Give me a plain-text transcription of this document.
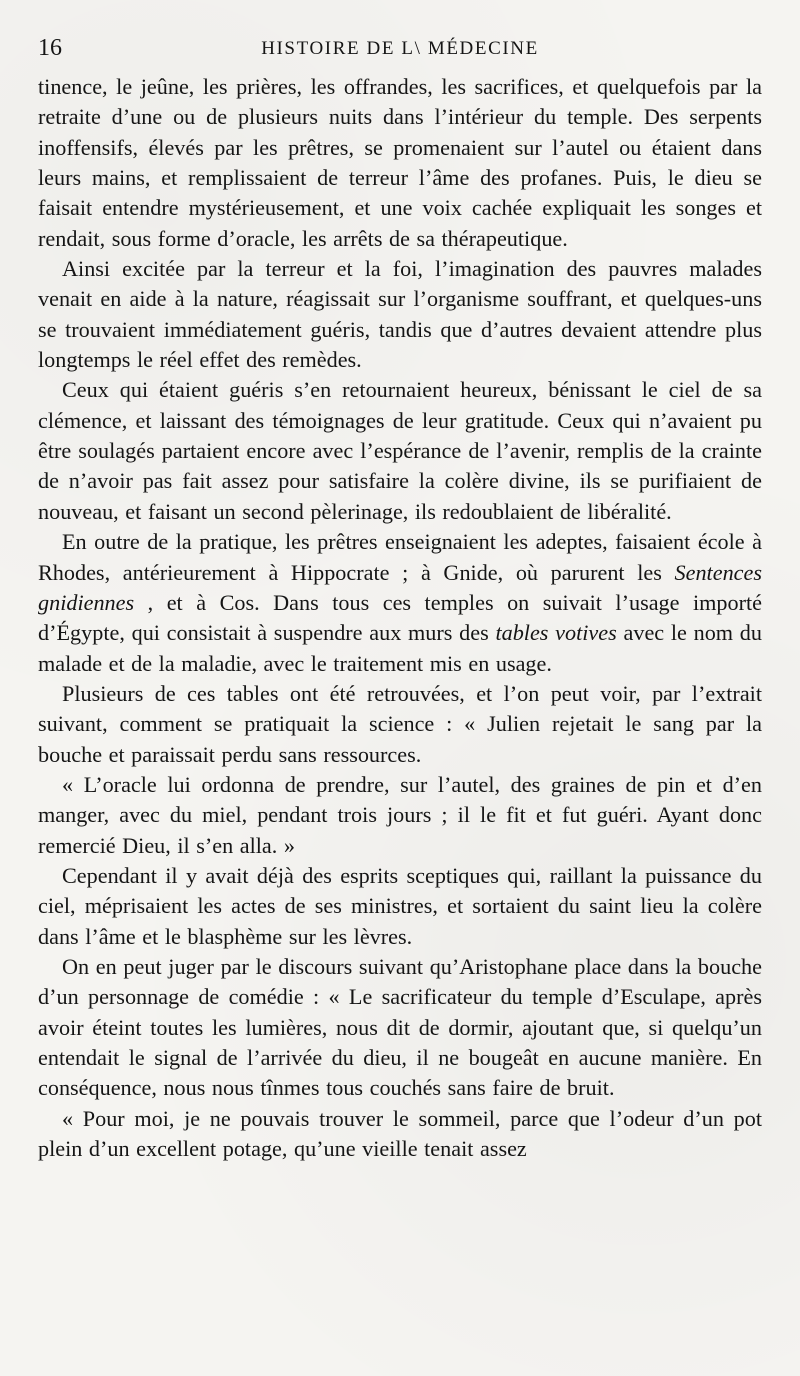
16	HISTOIRE DE L\ MÉDECINE

tinence, le jeûne, les prières, les offrandes, les sacrifices, et quelquefois par la retraite d’une ou de plusieurs nuits dans l’intérieur du temple. Des serpents inoffensifs, élevés par les prêtres, se promenaient sur l’autel ou étaient dans leurs mains, et remplissaient de terreur l’âme des profanes. Puis, le dieu se faisait entendre mystérieusement, et une voix cachée expliquait les songes et rendait, sous forme d’oracle, les arrêts de sa thérapeutique.

Ainsi excitée par la terreur et la foi, l’imagination des pauvres malades venait en aide à la nature, réagissait sur l’organisme souffrant, et quelques-uns se trouvaient immédiatement guéris, tandis que d’autres devaient attendre plus longtemps le réel effet des remèdes.

Ceux qui étaient guéris s’en retournaient heureux, bénissant le ciel de sa clémence, et laissant des témoignages de leur gratitude. Ceux qui n’avaient pu être soulagés partaient encore avec l’espérance de l’avenir, remplis de la crainte de n’avoir pas fait assez pour satisfaire la colère divine, ils se purifiaient de nouveau, et faisant un second pèlerinage, ils redoublaient de libéralité.

En outre de la pratique, les prêtres enseignaient les adeptes, faisaient école à Rhodes, antérieurement à Hippocrate ; à Gnide, où parurent les Sentences gnidiennes , et à Cos. Dans tous ces temples on suivait l’usage importé d’Égypte, qui consistait à suspendre aux murs des tables votives avec le nom du malade et de la maladie, avec le traitement mis en usage.

Plusieurs de ces tables ont été retrouvées, et l’on peut voir, par l’extrait suivant, comment se pratiquait la science : « Julien rejetait le sang par la bouche et paraissait perdu sans ressources.

« L’oracle lui ordonna de prendre, sur l’autel, des graines de pin et d’en manger, avec du miel, pendant trois jours ; il le fit et fut guéri. Ayant donc remercié Dieu, il s’en alla. »

Cependant il y avait déjà des esprits sceptiques qui, raillant la puissance du ciel, méprisaient les actes de ses ministres, et sortaient du saint lieu la colère dans l’âme et le blasphème sur les lèvres.

On en peut juger par le discours suivant qu’Aristophane place dans la bouche d’un personnage de comédie : « Le sacrificateur du temple d’Esculape, après avoir éteint toutes les lumières, nous dit de dormir, ajoutant que, si quelqu’un entendait le signal de l’arrivée du dieu, il ne bougeât en aucune manière. En conséquence, nous nous tînmes tous couchés sans faire de bruit.

« Pour moi, je ne pouvais trouver le sommeil, parce que l’odeur d’un pot plein d’un excellent potage, qu’une vieille tenait assez
